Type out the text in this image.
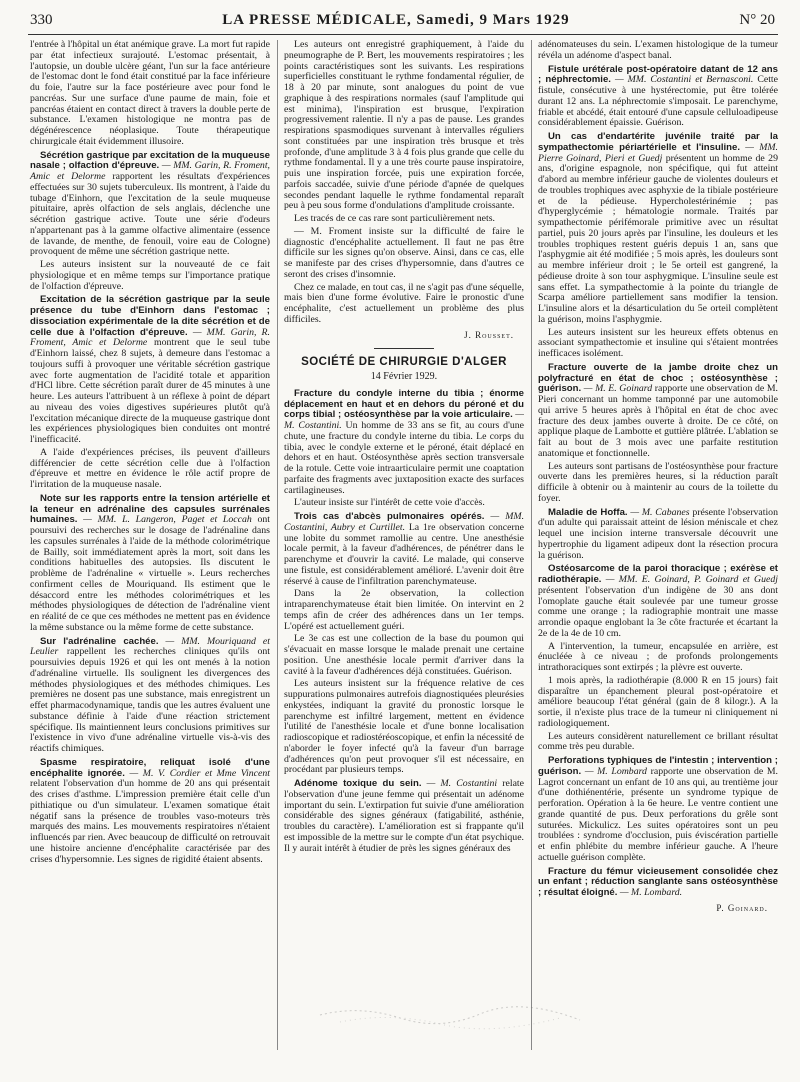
330	LA PRESSE MÉDICALE, Samedi, 9 Mars 1929	N° 20

l'entrée à l'hôpital un état anémique grave. La mort fut rapide par état infectieux surajouté. L'estomac présentait, à l'autopsie, un double ulcère géant, l'un sur la face antérieure de l'estomac dont le fond était constitué par la face inférieure du foie, l'autre sur la face postérieure avec pour fond le pancréas. Sur une surface d'une paume de main, foie et pancréas étaient en contact direct à travers la double perte de substance. L'examen histologique ne montra pas de dégénérescence néoplasique. Toute thérapeutique chirurgicale était évidemment illusoire.

Sécrétion gastrique par excitation de la muqueuse nasale ; olfaction d'épreuve. — MM. Garin, R. Froment, Amic et Delorme rapportent les résultats d'expériences effectuées sur 30 sujets tuberculeux. Ils montrent, à l'aide du tubage d'Einhorn, que l'excitation de la seule muqueuse pituitaire, après olfaction de sels anglais, déclenche une sécrétion gastrique active. Toute une série d'odeurs n'appartenant pas à la gamme olfactive alimentaire (essence de lavande, de menthe, de fenouil, voire eau de Cologne) provoquent de même une sécrétion gastrique nette.

Les auteurs insistent sur la nouveauté de ce fait physiologique et en même temps sur l'importance pratique de l'olfaction d'épreuve.

Excitation de la sécrétion gastrique par la seule présence du tube d'Einhorn dans l'estomac ; dissociation expérimentale de la dite sécrétion et de celle due à l'olfaction d'épreuve. — MM. Garin, R. Froment, Amic et Delorme montrent que le seul tube d'Einhorn laissé, chez 8 sujets, à demeure dans l'estomac a toujours suffi à provoquer une véritable sécrétion gastrique avec forte augmentation de l'acidité totale et apparition d'HCl libre. Cette sécrétion paraît durer de 45 minutes à une heure. Les auteurs l'attribuent à un réflexe à point de départ au niveau des voies digestives supérieures plutôt qu'à l'excitation mécanique directe de la muqueuse gastrique dont les expériences physiologiques bien conduites ont montré l'inefficacité.

A l'aide d'expériences précises, ils peuvent d'ailleurs différencier de cette sécrétion celle due à l'olfaction d'épreuve et mettre en évidence le rôle actif propre de l'irritation de la muqueuse nasale.

Note sur les rapports entre la tension artérielle et la teneur en adrénaline des capsules surrénales humaines. — MM. L. Langeron, Paget et Loccah ont poursuivi des recherches sur le dosage de l'adrénaline dans les capsules surrénales à l'aide de la méthode colorimétrique de Bailly, soit immédiatement après la mort, soit dans les conditions habituelles des autopsies. Ils discutent le problème de l'adrénaline « virtuelle ». Leurs recherches confirment celles de Mouriquand. Ils estiment que le désaccord entre les méthodes colorimétriques et les méthodes physiologiques de détection de l'adrénaline vient en réalité de ce que ces méthodes ne mettent pas en évidence la même substance ou la même forme de cette substance.

Sur l'adrénaline cachée. — MM. Mouriquand et Leulier rappellent les recherches cliniques qu'ils ont poursuivies depuis 1926 et qui les ont menés à la notion d'adrénaline virtuelle. Ils soulignent les divergences des méthodes physiologiques et des méthodes chimiques. Les premières ne dosent pas une substance, mais enregistrent un effet pharmacodynamique, tandis que les autres évaluent une substance définie à l'aide d'une réaction strictement spécifique. Ils maintiennent leurs conclusions primitives sur l'existence in vivo d'une adrénaline virtuelle vis-à-vis des réactifs chimiques.

Spasme respiratoire, reliquat isolé d'une encéphalite ignorée. — M. V. Cordier et Mme Vincent relatent l'observation d'un homme de 20 ans qui présentait des crises d'asthme. L'impression première était celle d'un pithiatique ou d'un simulateur. L'examen somatique était négatif sans la présence de troubles vaso-moteurs très marqués des mains. Les mouvements respiratoires n'étaient influencés par rien. Avec beaucoup de difficulté on retrouvait une histoire ancienne d'encéphalite caractérisée par des crises d'hypersomnie. Les signes de rigidité étaient absents.

Les auteurs ont enregistré graphiquement, à l'aide du pneumographe de P. Bert, les mouvements respiratoires ; les points caractéristiques sont les suivants. Les respirations superficielles constituant le rythme fondamental régulier, de 18 à 20 par minute, sont analogues du point de vue graphique à des respirations normales (sauf l'amplitude qui est minima), l'inspiration est brusque, l'expiration progressivement ralentie. Il n'y a pas de pause. Les grandes respirations spasmodiques survenant à intervalles réguliers sont constituées par une inspiration très brusque et très profonde, d'une amplitude 3 à 4 fois plus grande que celle du rythme fondamental. Il y a une très courte pause inspiratoire, puis une inspiration forcée, puis une expiration forcée, parfois saccadée, suivie d'une période d'apnée de quelques secondes pendant laquelle le rythme fondamental reparaît peu à peu sous forme d'ondulations d'amplitude croissante.

Les tracés de ce cas rare sont particulièrement nets.

— M. Froment insiste sur la difficulté de faire le diagnostic d'encéphalite actuellement. Il faut ne pas être difficile sur les signes qu'on observe. Ainsi, dans ce cas, elle se manifeste par des crises d'hypersomnie, dans d'autres ce seront des crises d'insomnie.

Chez ce malade, en tout cas, il ne s'agit pas d'une séquelle, mais bien d'une forme évolutive. Faire le pronostic d'une encéphalite, c'est actuellement un problème des plus difficiles.

J. Rousset.
SOCIÉTÉ DE CHIRURGIE D'ALGER
14 Février 1929.

Fracture du condyle interne du tibia ; énorme déplacement en haut et en dehors du péroné et du corps tibial ; ostéosynthèse par la voie articulaire. — M. Costantini. Un homme de 33 ans se fit, au cours d'une chute, une fracture du condyle interne du tibia. Le corps du tibia, avec le condyle externe et le péroné, était déplacé en dehors et en haut. Ostéosynthèse après section transversale de la rotule. Cette voie intraarticulaire permit une coaptation parfaite des fragments avec juxtaposition exacte des surfaces cartilagineuses.

L'auteur insiste sur l'intérêt de cette voie d'accès.

Trois cas d'abcès pulmonaires opérés. — MM. Costantini, Aubry et Curtillet. La 1re observation concerne une lobite du sommet ramollie au centre. Une anesthésie locale permit, à la faveur d'adhérences, de pénétrer dans le parenchyme et d'ouvrir la cavité. Le malade, qui conserve une fistule, est considérablement amélioré. L'avenir doit être réservé à cause de l'infiltration parenchymateuse.

Dans la 2e observation, la collection intraparenchymateuse était bien limitée. On intervint en 2 temps afin de créer des adhérences dans un 1er temps. L'opéré est actuellement guéri.

Le 3e cas est une collection de la base du poumon qui s'évacuait en masse lorsque le malade prenait une certaine position. Une anesthésie locale permit d'arriver dans la cavité à la faveur d'adhérences déjà constituées. Guérison.

Les auteurs insistent sur la fréquence relative de ces suppurations pulmonaires autrefois diagnostiquées pleurésies enkystées, indiquant la gravité du pronostic lorsque le parenchyme est infiltré largement, mettent en évidence l'utilité de l'anesthésie locale et d'une bonne localisation radioscopique et radiostéréoscopique, et enfin la nécessité de n'aborder le foyer infecté qu'à la faveur d'un barrage d'adhérences qu'on peut provoquer s'il est nécessaire, en procédant par plusieurs temps.

Adénome toxique du sein. — M. Costantini relate l'observation d'une jeune femme qui présentait un adénome important du sein. L'extirpation fut suivie d'une amélioration considérable des signes généraux (fatigabilité, asthénie, troubles du caractère). L'amélioration est si frappante qu'il est impossible de la mettre sur le compte d'un état psychique. Il y aurait intérêt à étudier de près les signes généraux des

adénomateuses du sein. L'examen histologique de la tumeur révéla un adénome d'aspect banal.

Fistule urétérale post-opératoire datant de 12 ans ; néphrectomie. — MM. Costantini et Bernasconi. Cette fistule, consécutive à une hystérectomie, put être tolérée durant 12 ans. La néphrectomie s'imposait. Le parenchyme, friable et abcédé, était entouré d'une capsule celluloadipeuse considérablement épaissie. Guérison.

Un cas d'endartérite juvénile traité par la sympathectomie périartérielle et l'insuline. — MM. Pierre Goinard, Pieri et Guedj présentent un homme de 29 ans, d'origine espagnole, non spécifique, qui fut atteint d'abord au membre inférieur gauche de violentes douleurs et de troubles trophiques avec asphyxie de la tibiale postérieure et de la pédieuse. Hypercholestérinémie ; pas d'hyperglycémie ; hématologie normale. Traités par sympathectomie périfémorale primitive avec un résultat partiel, puis 20 jours après par l'insuline, les douleurs et les troubles trophiques restent guéris depuis 1 an, sans que l'asphygmie ait été modifiée ; 5 mois après, les douleurs sont au membre inférieur droit ; le 5e orteil est gangrené, la pédieuse droite à son tour asphygmique. L'insuline seule est sans effet. La sympathectomie à la pointe du triangle de Scarpa améliore partiellement sans modifier la tension. L'insuline alors et la désarticulation du 5e orteil complètent la guérison, moins l'asphygmie.

Les auteurs insistent sur les heureux effets obtenus en associant sympathectomie et insuline qui s'étaient montrées inefficaces isolément.

Fracture ouverte de la jambe droite chez un polyfracturé en état de choc ; ostéosynthèse ; guérison. — M. E. Goinard rapporte une observation de M. Pieri concernant un homme tamponné par une automobile qui arrive 5 heures après à l'hôpital en état de choc avec fracture des deux jambes ouverte à droite. De ce côté, on applique plaque de Lambotte et guttière plâtrée. L'ablation se fait au bout de 3 mois avec une parfaite restitution anatomique et fonctionnelle.

Les auteurs sont partisans de l'ostéosynthèse pour fracture ouverte dans les premières heures, si la réduction paraît difficile à obtenir ou à maintenir au cours de la toilette du foyer.

Maladie de Hoffa. — M. Cabanes présente l'observation d'un adulte qui paraissait atteint de lésion méniscale et chez lequel une incision interne transversale découvrit une hypertrophie du ligament adipeux dont la résection procura la guérison.

Ostéosarcome de la paroi thoracique ; exérèse et radiothérapie. — MM. E. Goinard, P. Goinard et Guedj présentent l'observation d'un indigène de 30 ans dont l'omoplate gauche était soulevée par une tumeur grosse comme une orange ; la radiographie montrait une masse arrondie opaque englobant la 3e côte fracturée et écartant la 2e de la 4e de 10 cm.

A l'intervention, la tumeur, encapsulée en arrière, est énucléée à ce niveau ; de profonds prolongements intrathoraciques sont extirpés ; la plèvre est ouverte.

1 mois après, la radiothérapie (8.000 R en 15 jours) fait disparaître un épanchement pleural post-opératoire et améliore beaucoup l'état général (gain de 8 kilogr.). A la sortie, il n'existe plus trace de la tumeur ni cliniquement ni radiologiquement.

Les auteurs considèrent naturellement ce brillant résultat comme très peu durable.

Perforations typhiques de l'intestin ; intervention ; guérison. — M. Lombard rapporte une observation de M. Lagrot concernant un enfant de 10 ans qui, au trentième jour d'une dothiénentérie, présente un syndrome typique de perforation. Opération à la 6e heure. Le ventre contient une grande quantité de pus. Deux perforations du grêle sont suturées. Mickulicz. Les suites opératoires sont un peu troublées : syndrome d'occlusion, puis éviscération partielle et enfin phlébite du membre inférieur gauche. A l'heure actuelle guérison complète.

Fracture du fémur vicieusement consolidée chez un enfant ; réduction sanglante sans ostéosynthèse ; résultat éloigné. — M. Lombard.

P. Goinard.
